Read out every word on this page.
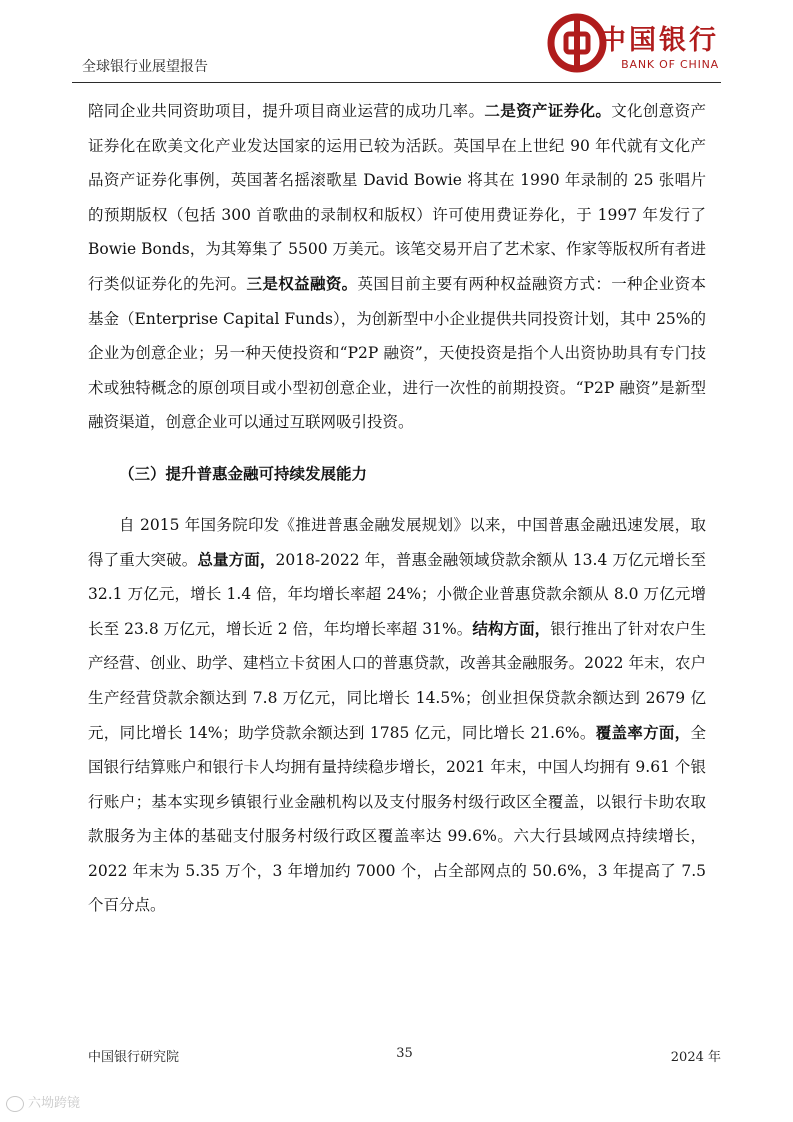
全球银行业展望报告
中国银行
BANK OF CHINA

陪同企业共同资助项目，提升项目商业运营的成功几率。二是资产证券化。文化创意资产证券化在欧美文化产业发达国家的运用已较为活跃。英国早在上世纪 90 年代就有文化产品资产证券化事例，英国著名摇滚歌星 David Bowie 将其在 1990 年录制的 25 张唱片的预期版权（包括 300 首歌曲的录制权和版权）许可使用费证券化，于 1997 年发行了 Bowie Bonds，为其筹集了 5500 万美元。该笔交易开启了艺术家、作家等版权所有者进行类似证券化的先河。三是权益融资。英国目前主要有两种权益融资方式：一种企业资本基金（Enterprise Capital Funds），为创新型中小企业提供共同投资计划，其中 25%的企业为创意企业；另一种天使投资和“P2P 融资”，天使投资是指个人出资协助具有专门技术或独特概念的原创项目或小型初创意企业，进行一次性的前期投资。“P2P 融资”是新型融资渠道，创意企业可以通过互联网吸引投资。

（三）提升普惠金融可持续发展能力

自 2015 年国务院印发《推进普惠金融发展规划》以来，中国普惠金融迅速发展，取得了重大突破。总量方面，2018-2022 年，普惠金融领域贷款余额从 13.4 万亿元增长至 32.1 万亿元，增长 1.4 倍，年均增长率超 24%；小微企业普惠贷款余额从 8.0 万亿元增长至 23.8 万亿元，增长近 2 倍，年均增长率超 31%。结构方面，银行推出了针对农户生产经营、创业、助学、建档立卡贫困人口的普惠贷款，改善其金融服务。2022 年末，农户生产经营贷款余额达到 7.8 万亿元，同比增长 14.5%；创业担保贷款余额达到 2679 亿元，同比增长 14%；助学贷款余额达到 1785 亿元，同比增长 21.6%。覆盖率方面，全国银行结算账户和银行卡人均拥有量持续稳步增长，2021 年末，中国人均拥有 9.61 个银行账户；基本实现乡镇银行业金融机构以及支付服务村级行政区全覆盖，以银行卡助农取款服务为主体的基础支付服务村级行政区覆盖率达 99.6%。六大行县域网点持续增长，2022 年末为 5.35 万个，3 年增加约 7000 个，占全部网点的 50.6%，3 年提高了 7.5 个百分点。

中国银行研究院	35	2024 年
六坳跨镜
